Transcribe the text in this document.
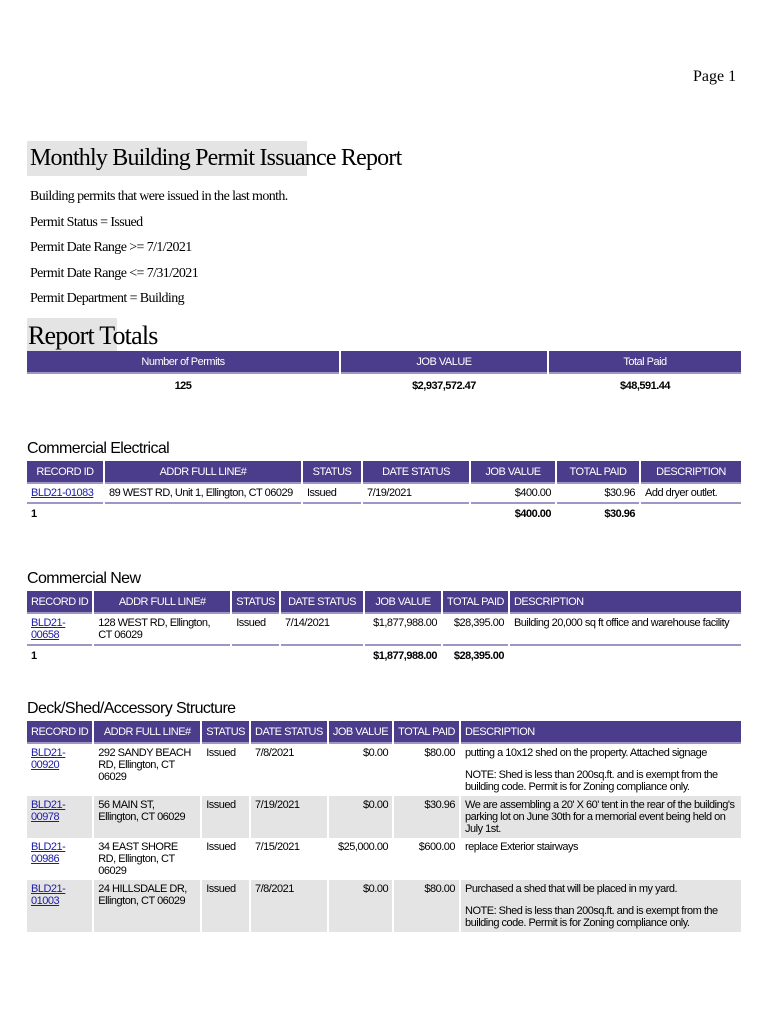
Page 1
Monthly Building Permit Issuance Report
Building permits that were issued in the last month.
Permit Status = Issued
Permit Date Range >= 7/1/2021
Permit Date Range <= 7/31/2021
Permit Department = Building
Report Totals
Number of Permits	JOB VALUE	Total Paid
125	$2,937,572.47	$48,591.44
Commercial Electrical
RECORD ID	ADDR FULL LINE#	STATUS	DATE STATUS	JOB VALUE	TOTAL PAID	DESCRIPTION
BLD21-01083	89 WEST RD, Unit 1, Ellington, CT 06029	Issued	7/19/2021	$400.00	$30.96	Add dryer outlet.
1				$400.00	$30.96	
Commercial New
RECORD ID	ADDR FULL LINE#	STATUS	DATE STATUS	JOB VALUE	TOTAL PAID	DESCRIPTION
BLD21-00658	128 WEST RD, Ellington, CT 06029	Issued	7/14/2021	$1,877,988.00	$28,395.00	Building 20,000 sq ft office and warehouse facility
1				$1,877,988.00	$28,395.00	
Deck/Shed/Accessory Structure
RECORD ID	ADDR FULL LINE#	STATUS	DATE STATUS	JOB VALUE	TOTAL PAID	DESCRIPTION
BLD21-00920	292 SANDY BEACH RD, Ellington, CT 06029	Issued	7/8/2021	$0.00	$80.00	putting a 10x12 shed on the property. Attached signage
NOTE: Shed is less than 200sq.ft. and is exempt from the building code. Permit is for Zoning compliance only.

BLD21-00978	56 MAIN ST, Ellington, CT 06029	Issued	7/19/2021	$0.00	$30.96	We are assembling a 20' X 60' tent in the rear of the building's parking lot on June 30th for a memorial event being held on July 1st.
BLD21-00986	34 EAST SHORE RD, Ellington, CT 06029	Issued	7/15/2021	$25,000.00	$600.00	replace Exterior stairways
BLD21-01003	24 HILLSDALE DR, Ellington, CT 06029	Issued	7/8/2021	$0.00	$80.00	Purchased a shed that will be placed in my yard.
NOTE: Shed is less than 200sq.ft. and is exempt from the building code. Permit is for Zoning compliance only.
